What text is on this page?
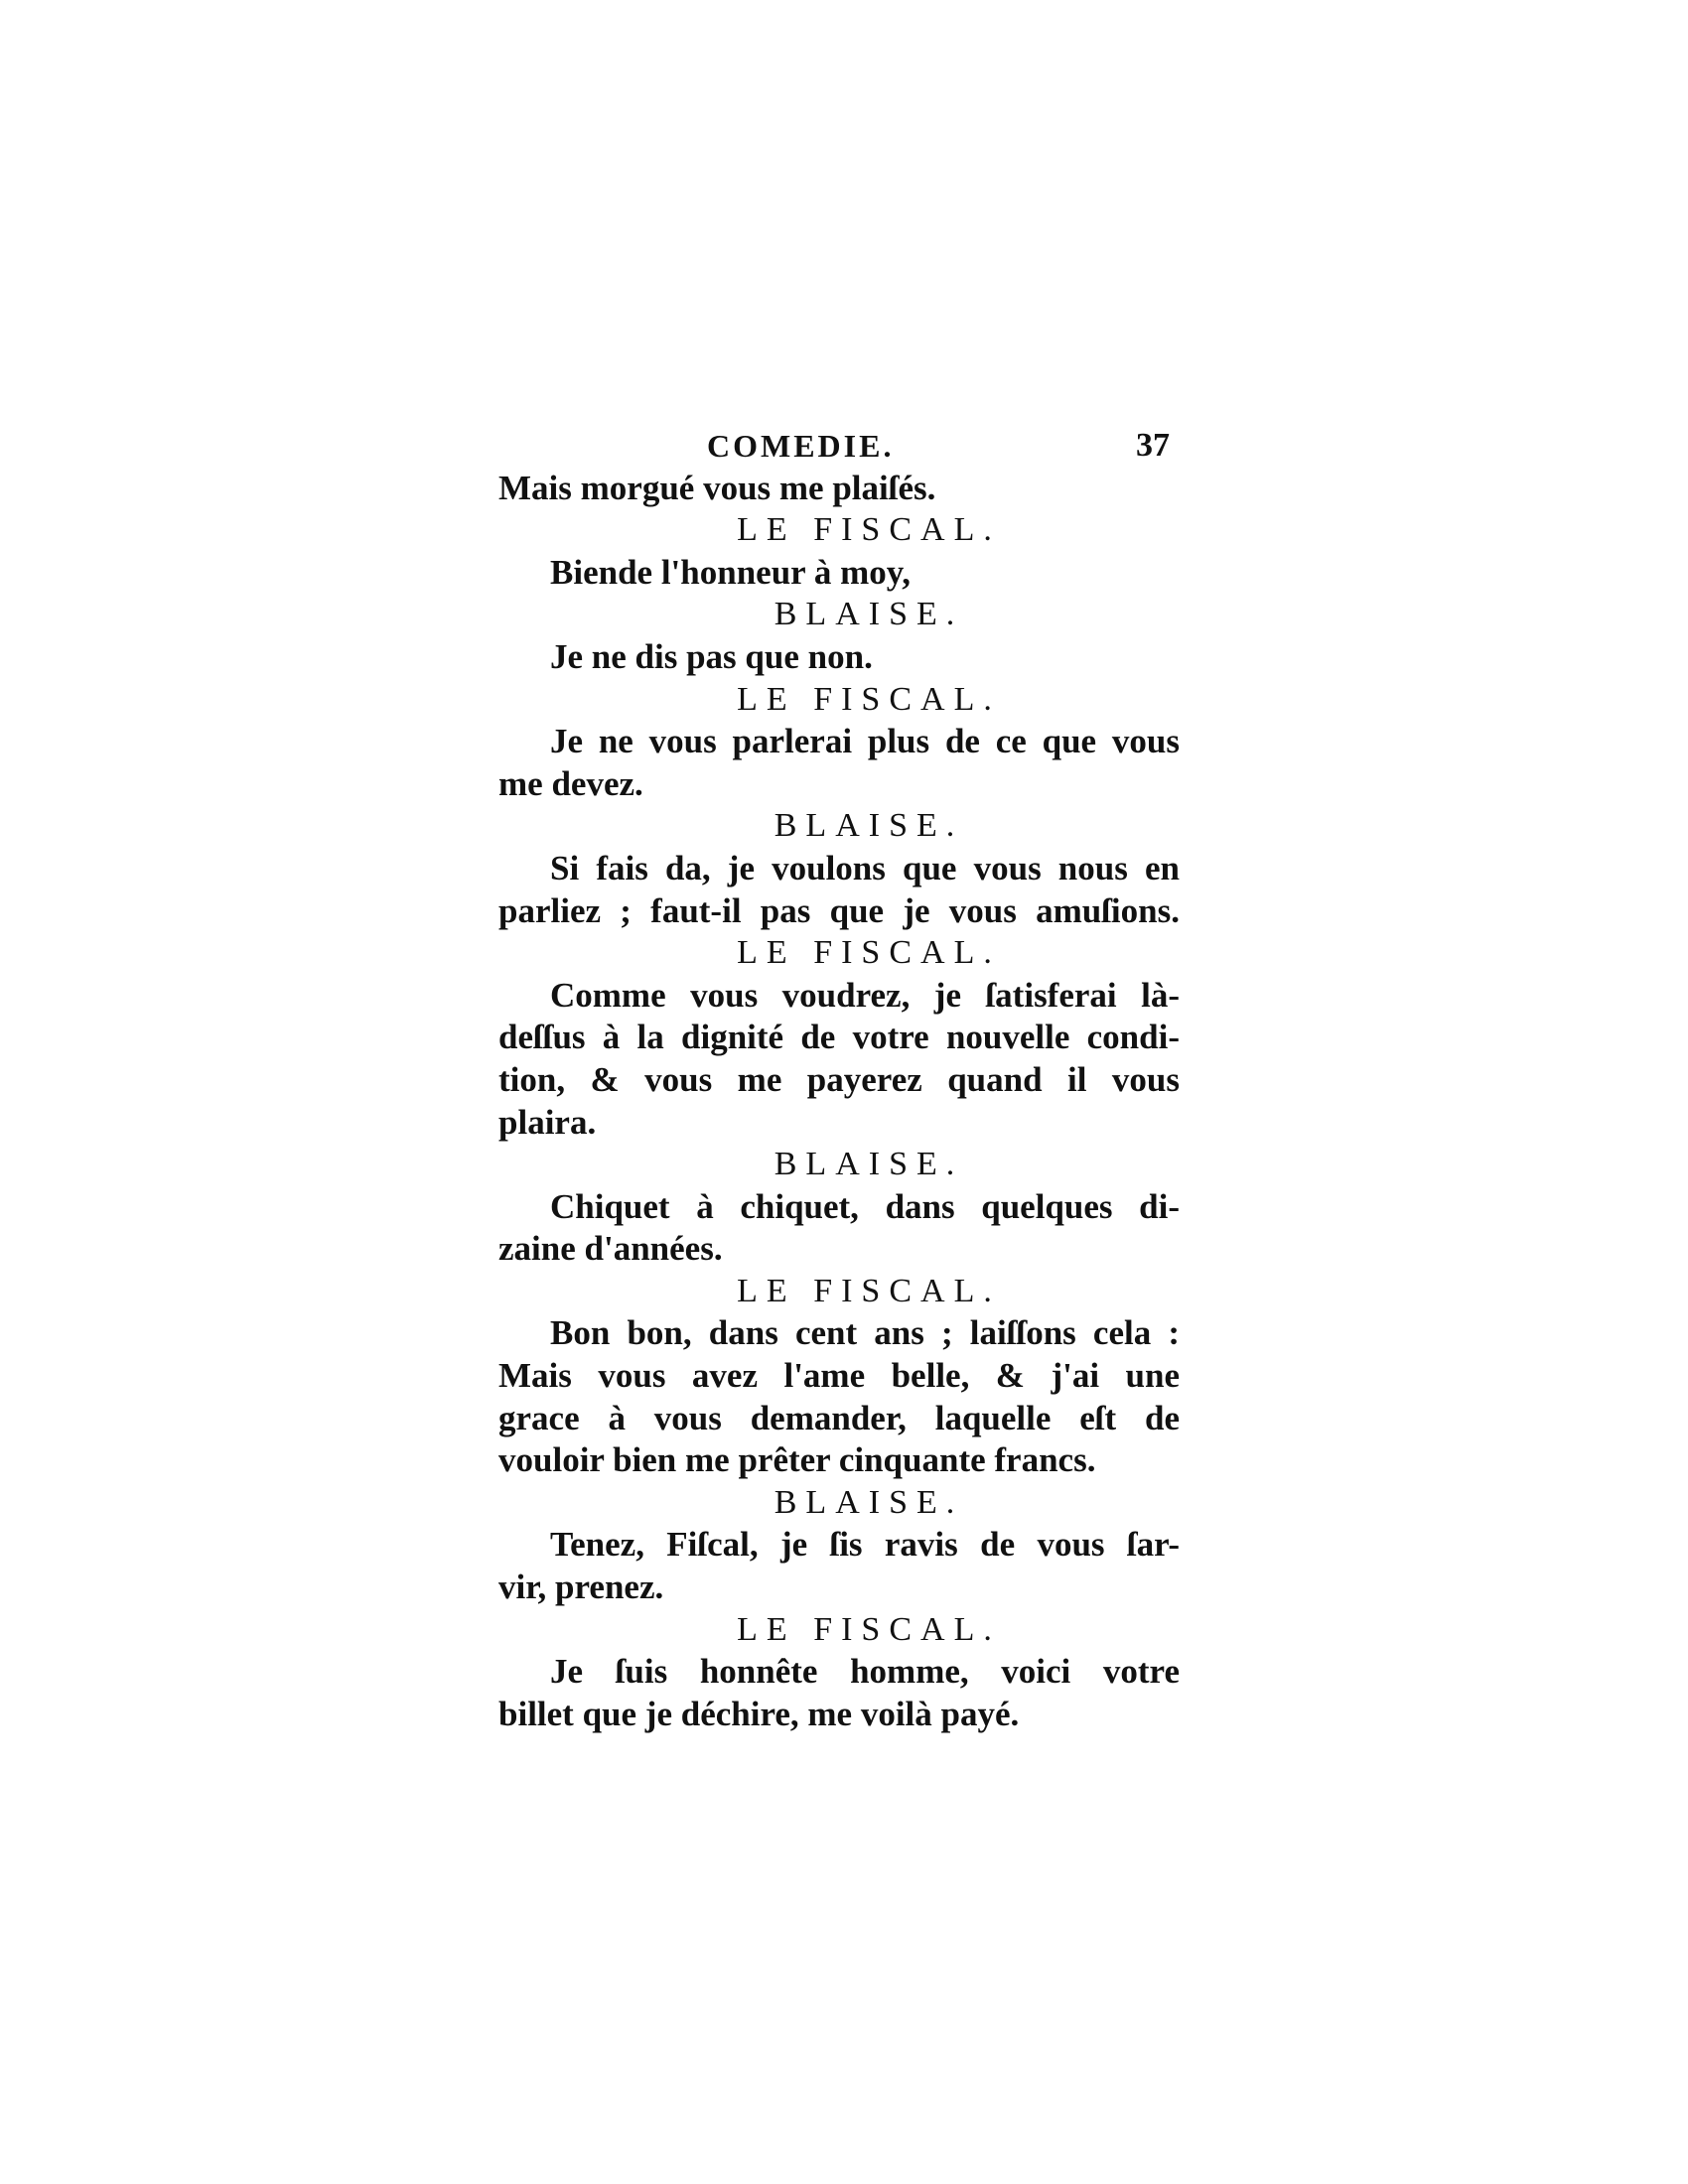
COMEDIE.	37
Mais morgué vous me plaiſés.
LE FISCAL.
Biende l'honneur à moy,
BLAISE.
Je ne dis pas que non.
LE FISCAL.
Je ne vous parlerai plus de ce que vous
me devez.
BLAISE.
Si fais da, je voulons que vous nous en
parliez ; faut-il pas que je vous amuſions.
LE FISCAL.
Comme vous voudrez, je ſatisferai là-
deſſus à la dignité de votre nouvelle condi-
tion, & vous me payerez quand il vous
plaira.
BLAISE.
Chiquet à chiquet, dans quelques di-
zaine d'années.
LE FISCAL.
Bon bon, dans cent ans ; laiſſons cela :
Mais vous avez l'ame belle, & j'ai une
grace à vous demander, laquelle eſt de
vouloir bien me prêter cinquante francs.
BLAISE.
Tenez, Fiſcal, je ſis ravis de vous ſar-
vir, prenez.
LE FISCAL.
Je ſuis honnête homme, voici votre
billet que je déchire, me voilà payé.
